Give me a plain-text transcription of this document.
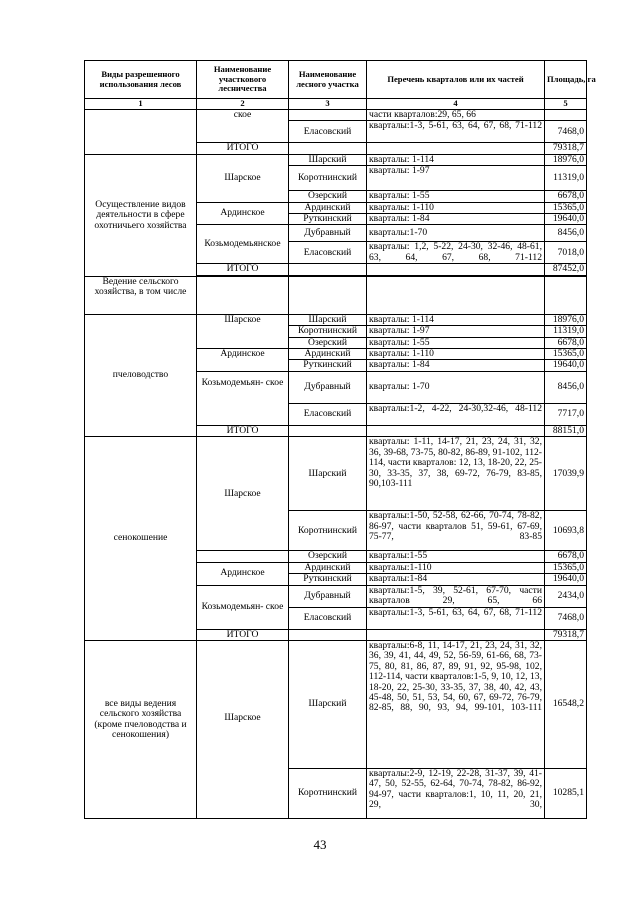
Виды разрешенного использования лесов	Наименование участкового лесничества	Наименование лесного участка	Перечень кварталов или их частей	Площадь, га
1	2	3	4	5
	ское		части кварталов:29, 65, 66	
		Еласовский	кварталы:1-3, 5-61, 63, 64, 67, 68, 71-112	7468,0
	ИТОГО			79318,7
Осуществление видов деятельности в сфере охотничьего хозяйства	Шарское	Шарский	кварталы: 1-114	18976,0
		Коротнинский	кварталы: 1-97	11319,0
		Озерский	кварталы: 1-55	6678,0
	Ардинское	Ардинский	кварталы: 1-110	15365,0
		Руткинский	кварталы: 1-84	19640,0
	Козьмодемьянское	Дубравный	кварталы:1-70	8456,0
		Еласовский	кварталы: 1,2, 5-22, 24-30, 32-46, 48-61, 63, 64, 67, 68, 71-112	7018,0
	ИТОГО			87452,0

Ведение сельского хозяйства, в том числе				
пчеловодство	Шарское	Шарский	кварталы: 1-114	18976,0
		Коротнинский	кварталы: 1-97	11319,0
		Озерский	кварталы: 1-55	6678,0
	Ардинское	Ардинский	кварталы: 1-110	15365,0
		Руткинский	кварталы: 1-84	19640,0
	Козьмодемьян- ское	Дубравный	кварталы: 1-70	8456,0
		Еласовский	кварталы:1-2, 4-22, 24-30,32-46, 48-112	7717,0
	ИТОГО			88151,0
сенокошение	Шарское	Шарский	кварталы: 1-11, 14-17, 21, 23, 24, 31, 32, 36, 39-68, 73-75, 80-82, 86-89, 91-102, 112-114, части кварталов: 12, 13, 18-20, 22, 25-30, 33-35, 37, 38, 69-72, 76-79, 83-85, 90,103-111	17039,9
		Коротнинский	кварталы:1-50, 52-58, 62-66, 70-74, 78-82, 86-97, части кварталов 51, 59-61, 67-69, 75-77, 83-85	10693,8
		Озерский	кварталы:1-55	6678,0
	Ардинское	Ардинский	кварталы:1-110	15365,0
		Руткинский	кварталы:1-84	19640,0
	Козьмодемьян- ское	Дубравный	кварталы:1-5, 39, 52-61, 67-70, части кварталов 29, 65, 66	2434,0
		Еласовский	кварталы:1-3, 5-61, 63, 64, 67, 68, 71-112	7468,0
	ИТОГО			79318,7
все виды ведения сельского хозяйства (кроме пчеловодства и сенокошения)	Шарское	Шарский	кварталы:6-8, 11, 14-17, 21, 23, 24, 31, 32, 36, 39, 41, 44, 49, 52, 56-59, 61-66, 68, 73-75, 80, 81, 86, 87, 89, 91, 92, 95-98, 102, 112-114, части кварталов:1-5, 9, 10, 12, 13, 18-20, 22, 25-30, 33-35, 37, 38, 40, 42, 43, 45-48, 50, 51, 53, 54, 60, 67, 69-72, 76-79, 82-85, 88, 90, 93, 94, 99-101, 103-111	16548,2
		Коротнинский	кварталы:2-9, 12-19, 22-28, 31-37, 39, 41-47, 50, 52-55, 62-64, 70-74, 78-82, 86-92, 94-97, части кварталов:1, 10, 11, 20, 21, 29, 30,	10285,1
43
